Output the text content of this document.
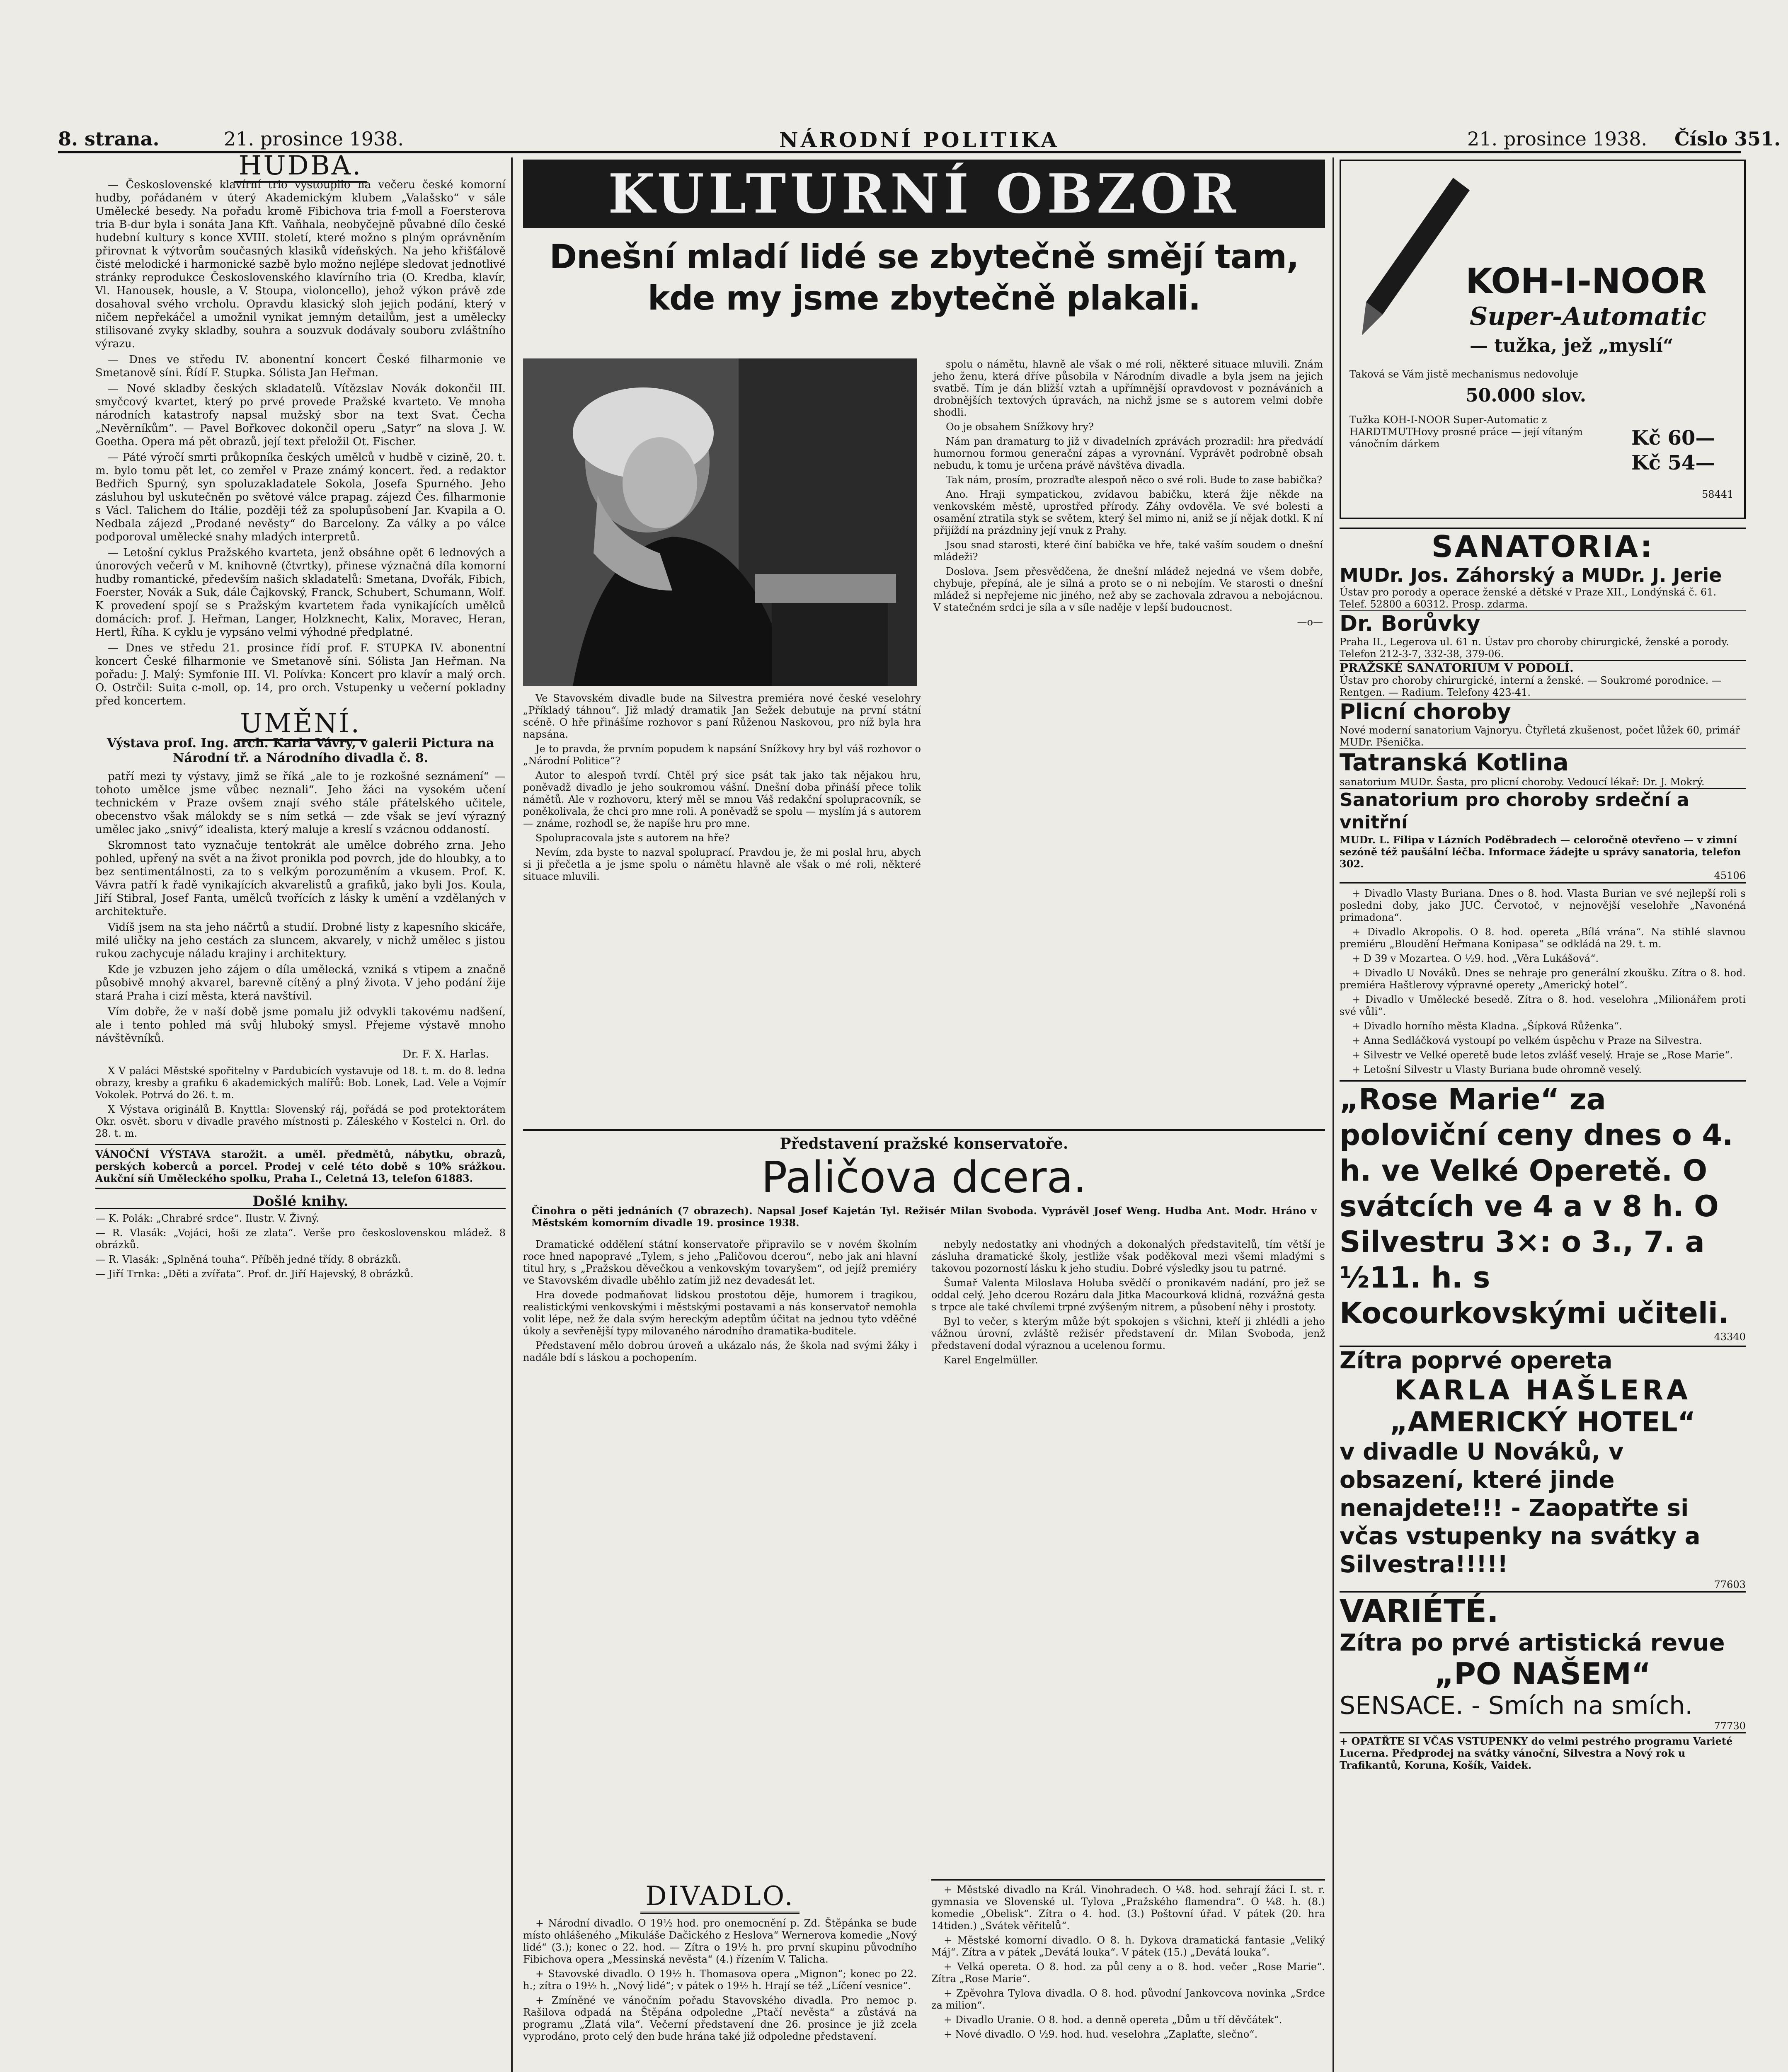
8. strana.	21. prosince 1938.	NÁRODNÍ POLITIKA	21. prosince 1938. Číslo 351.
HUDBA.

— Československé klavírní trio vystoupilo na večeru české komorní hudby, pořádaném v úterý Akademickým klubem „Valašsko“ v sále Umělecké besedy. Na pořadu kromě Fibichova tria f-moll a Foersterova tria B-dur byla i sonáta Jana Kft. Vaňhala, neobyčejně půvabné dílo české hudební kultury s konce XVIII. století, které možno s plným oprávněním přirovnat k výtvorům současných klasiků vídeňských. Na jeho křišťálově čisté melodické i harmonické sazbě bylo možno nejlépe sledovat jednotlivé stránky reprodukce Československého klavírního tria (O. Kredba, klavír, Vl. Hanousek, housle, a V. Stoupa, violoncello), jehož výkon právě zde dosahoval svého vrcholu. Opravdu klasický sloh jejich podání, který v ničem nepřekáčel a umožnil vynikat jemným detailům, jest a umělecky stilisované zvyky skladby, souhra a souzvuk dodávaly souboru zvláštního výrazu.

— Dnes ve středu IV. abonentní koncert České filharmonie ve Smetanově síni. Řídí F. Stupka. Sólista Jan Heřman.

— Nové skladby českých skladatelů. Vítězslav Novák dokončil III. smyčcový kvartet, který po prvé provede Pražské kvarteto. Ve mnoha národních katastrofy napsal mužský sbor na text Svat. Čecha „Nevěrníkům“. — Pavel Bořkovec dokončil operu „Satyr“ na slova J. W. Goetha. Opera má pět obrazů, její text přeložil Ot. Fischer.

— Páté výročí smrti průkopníka českých umělců v hudbě v cizině, 20. t. m. bylo tomu pět let, co zemřel v Praze známý koncert. řed. a redaktor Bedřich Spurný, syn spoluzakladatele Sokola, Josefa Spurného. Jeho zásluhou byl uskutečněn po světové válce prapag. zájezd Čes. filharmonie s Václ. Talichem do Itálie, později též za spolupůsobení Jar. Kvapila a O. Nedbala zájezd „Prodané nevěsty“ do Barcelony. Za války a po válce podporoval umělecké snahy mladých interpretů.

— Letošní cyklus Pražského kvarteta, jenž obsáhne opět 6 lednových a únorových večerů v M. knihovně (čtvrtky), přinese význačná díla komorní hudby romantické, především našich skladatelů: Smetana, Dvořák, Fibich, Foerster, Novák a Suk, dále Čajkovský, Franck, Schubert, Schumann, Wolf. K provedení spojí se s Pražským kvartetem řada vynikajících umělců domácích: prof. J. Heřman, Langer, Holzknecht, Kalix, Moravec, Heran, Hertl, Říha. K cyklu je vypsáno velmi výhodné předplatné.

— Dnes ve středu 21. prosince řídí prof. F. STUPKA IV. abonentní koncert České filharmonie ve Smetanově síni. Sólista Jan Heřman. Na pořadu: J. Malý: Symfonie III. Vl. Polívka: Koncert pro klavír a malý orch. O. Ostrčil: Suita c-moll, op. 14, pro orch. Vstupenky u večerní pokladny před koncertem.

UMĚNÍ.
Výstava prof. Ing. arch. Karla Vávry, v galerii Pictura na Národní tř. a Národního divadla č. 8.

patří mezi ty výstavy, jimž se říká „ale to je rozkošné seznámení“ — tohoto umělce jsme vůbec neznali“. Jeho žáci na vysokém učení technickém v Praze ovšem znají svého stále přátelského učitele, obecenstvo však málokdy se s ním setká — zde však se jeví výrazný umělec jako „snivý“ idealista, který maluje a kreslí s vzácnou oddaností.

Skromnost tato vyznačuje tentokrát ale umělce dobrého zrna. Jeho pohled, upřený na svět a na život pronikla pod povrch, jde do hloubky, a to bez sentimentálnosti, za to s velkým porozuměním a vkusem. Prof. K. Vávra patří k řadě vynikajících akvarelistů a grafiků, jako byli Jos. Koula, Jiří Stibral, Josef Fanta, umělců tvořících z lásky k umění a vzdělaných v architektuře.

Vidíš jsem na sta jeho náčrtů a studií. Drobné listy z kapesního skicáře, milé uličky na jeho cestách za sluncem, akvarely, v nichž umělec s jistou rukou zachycuje náladu krajiny i architektury.

Kde je vzbuzen jeho zájem o díla umělecká, vzniká s vtipem a značně působivě mnohý akvarel, barevně cítěný a plný života. V jeho podání žije stará Praha i cizí města, která navštívil.

Vím dobře, že v naší době jsme pomalu již odvykli takovému nadšení, ale i tento pohled má svůj hluboký smysl. Přejeme výstavě mnoho návštěvníků.

Dr. F. X. Harlas.

X V paláci Městské spořitelny v Pardubicích vystavuje od 18. t. m. do 8. ledna obrazy, kresby a grafiku 6 akademických malířů: Bob. Lonek, Lad. Vele a Vojmír Vokolek. Potrvá do 26. t. m.

X Výstava originálů B. Knyttla: Slovenský ráj, pořádá se pod protektorátem Okr. osvět. sboru v divadle pravého místnosti p. Záleského v Kostelci n. Orl. do 28. t. m.

VÁNOČNÍ VÝSTAVA starožit. a uměl. předmětů, nábytku, obrazů, perských koberců a porcel. Prodej v celé této době s 10% srážkou. Aukční síň Uměleckého spolku, Praha I., Celetná 13, telefon 61883.
Došlé knihy.

— K. Polák: „Chrabré srdce“. Ilustr. V. Živný.

— R. Vlasák: „Vojáci, hoši ze zlata“. Verše pro československou mládež. 8 obrázků.

— R. Vlasák: „Splněná touha“. Příběh jedné třídy. 8 obrázků.

— Jiří Trnka: „Děti a zvířata“. Prof. dr. Jiří Hajevský, 8 obrázků.

KULTURNÍ OBZOR
Dnešní mladí lidé se zbytečně smějí tam, kde my jsme zbytečně plakali.

Ve Stavovském divadle bude na Silvestra premiéra nové české veselohry „Příkladý táhnou“. Již mladý dramatik Jan Sežek debutuje na první státní scéně. O hře přinášíme rozhovor s paní Růženou Naskovou, pro níž byla hra napsána.

Je to pravda, že prvním popudem k napsání Snížkovy hry byl váš rozhovor o „Národní Politice“?

Autor to alespoň tvrdí. Chtěl prý sice psát tak jako tak nějakou hru, poněvadž divadlo je jeho soukromou vášní. Dnešní doba přináší přece tolik námětů. Ale v rozhovoru, který měl se mnou Váš redakční spolupracovník, se poněkolivala, že chci pro mne roli. A poněvadž se spolu — myslím já s autorem — známe, rozhodl se, že napíše hru pro mne.

Spolupracovala jste s autorem na hře?

Nevím, zda byste to nazval spoluprací. Pravdou je, že mi poslal hru, abych si ji přečetla a je jsme spolu o námětu hlavně ale však o mé roli, některé situace mluvili.

spolu o námětu, hlavně ale však o mé roli, některé situace mluvili. Znám jeho ženu, která dříve působila v Národním divadle a byla jsem na jejich svatbě. Tím je dán bližší vztah a upřímnější opravdovost v poznáváních a drobnějších textových úpravách, na nichž jsme se s autorem velmi dobře shodli.

Oo je obsahem Snížkovy hry?

Nám pan dramaturg to již v divadelních zprávách prozradil: hra předvádí humornou formou generační zápas a vyrovnání. Vyprávět podrobně obsah nebudu, k tomu je určena právě návštěva divadla.

Tak nám, prosím, prozraďte alespoň něco o své roli. Bude to zase babička?

Ano. Hraji sympatickou, zvídavou babičku, která žije někde na venkovském městě, uprostřed přírody. Záhy ovdověla. Ve své bolesti a osamění ztratila styk se světem, který šel mimo ni, aniž se jí nějak dotkl. K ní přijíždí na prázdniny její vnuk z Prahy.

Jsou snad starosti, které činí babička ve hře, také vaším soudem o dnešní mládeži?

Doslova. Jsem přesvědčena, že dnešní mládež nejedná ve všem dobře, chybuje, přepíná, ale je silná a proto se o ni nebojím. Ve starosti o dnešní mládež si nepřejeme nic jiného, než aby se zachovala zdravou a nebojácnou. V statečném srdci je síla a v síle naděje v lepší budoucnost.

—o—
Představení pražské konservatoře.
Paličova dcera.
Činohra o pěti jednáních (7 obrazech). Napsal Josef Kajetán Tyl. Režisér Milan Svoboda. Vyprávěl Josef Weng. Hudba Ant. Modr. Hráno v Městském komorním divadle 19. prosince 1938.

Dramatické oddělení státní konservatoře připravilo se v novém školním roce hned napopravé „Tylem, s jeho „Paličovou dcerou“, nebo jak ani hlavní titul hry, s „Pražskou děvečkou a venkovským tovaryšem“, od jejíž premiéry ve Stavovském divadle uběhlo zatím již nez devadesát let.

Hra dovede podmaňovat lidskou prostotou děje, humorem i tragikou, realistickými venkovskými i městskými postavami a nás konservatoř nemohla volit lépe, než že dala svým hereckým adeptům účitat na jednou tyto vděčné úkoly a sevřenější typy milovaného národního dramatika-buditele.

Představení mělo dobrou úroveň a ukázalo nás, že škola nad svými žáky i nadále bdí s láskou a pochopením.

nebyly nedostatky ani vhodných a dokonalých představitelů, tím větší je zásluha dramatické školy, jestliže však poděkoval mezi všemi mladými s takovou pozorností lásku k jeho studiu. Dobré výsledky jsou tu patrné.

Šumař Valenta Miloslava Holuba svědčí o pronikavém nadání, pro jež se oddal celý. Jeho dcerou Rozáru dala Jitka Macourková klidná, rozvážná gesta s trpce ale také chvílemi trpné zvýšeným nitrem, a působení něhy i prostoty.

Byl to večer, s kterým může být spokojen s všichni, kteří ji zhlédli a jeho vážnou úrovní, zvláště režisér představení dr. Milan Svoboda, jenž představení dodal výraznou a ucelenou formu.

Karel Engelmüller.

DIVADLO.

+ Národní divadlo. O 19½ hod. pro onemocnění p. Zd. Štěpánka se bude místo ohlášeného „Mikuláše Dačického z Heslova“ Wernerova komedie „Nový lidé“ (3.); konec o 22. hod. — Zítra o 19½ h. pro první skupinu původního Fibichova opera „Messinská nevěsta“ (4.) řízením V. Talicha.

+ Stavovské divadlo. O 19½ h. Thomasova opera „Mignon“; konec po 22. h.; zítra o 19½ h. „Nový lidé“; v pátek o 19½ h. Hrají se též „Líčení vesnice“.

+ Zmíněné ve vánočním pořadu Stavovského divadla. Pro nemoc p. Rašilova odpadá na Štěpána odpoledne „Ptačí nevěsta“ a zůstává na programu „Zlatá vila“. Večerní představení dne 26. prosince je již zcela vyprodáno, proto celý den bude hrána také již odpoledne představení.

+ Městské divadlo na Král. Vinohradech. O ¼8. hod. sehrají žáci I. st. r. gymnasia ve Slovenské ul. Tylova „Pražského flamendra“. O ¼8. h. (8.) komedie „Obelisk“. Zítra o 4. hod. (3.) Poštovní úřad. V pátek (20. hra 14tiden.) „Svátek věřitelů“.

+ Městské komorní divadlo. O 8. h. Dykova dramatická fantasie „Veliký Máj“. Zítra a v pátek „Devátá louka“. V pátek (15.) „Devátá louka“.

+ Velká opereta. O 8. hod. za půl ceny a o 8. hod. večer „Rose Marie“. Zítra „Rose Marie“.

+ Zpěvohra Tylova divadla. O 8. hod. původní Jankovcova novinka „Srdce za milion“.

+ Divadlo Uranie. O 8. hod. a denně opereta „Dům u tří děvčátek“.

+ Nové divadlo. O ½9. hod. hud. veselohra „Zaplaťte, slečno“.

KOH-I-NOOR
Super-Automatic
— tužka, jež „myslí“
Taková se Vám jistě mechanismus nedovoluje
50.000 slov.
Tužka KOH-I-NOOR Super-Automatic z HARDTMUTHovy prosné práce — její vítaným vánočním dárkem	Kč 60—
Kč 54—
58441
SANATORIA:
MUDr. Jos. Záhorský a MUDr. J. Jerie
Ústav pro porody a operace ženské a dětské v Praze XII., Londýnská č. 61. Telef. 52800 a 60312. Prosp. zdarma.
Dr. Borůvky
Praha II., Legerova ul. 61 n. Ústav pro choroby chirurgické, ženské a porody. Telefon 212-3-7, 332-38, 379-06.
PRAŽSKÉ SANATORIUM V PODOLÍ.
Ústav pro choroby chirurgické, interní a ženské. — Soukromé porodnice. — Rentgen. — Radium. Telefony 423-41.
Plicní choroby
Nové moderní sanatorium Vajnoryu. Čtyřletá zkušenost, počet lůžek 60, primář MUDr. Pšenička.
Tatranská Kotlina
sanatorium MUDr. Šasta, pro plicní choroby. Vedoucí lékař: Dr. J. Mokrý.
Sanatorium pro choroby srdeční a vnitřní
MUDr. L. Filipa v Lázních Poděbradech — celoročně otevřeno — v zimní sezóně též paušální léčba. Informace žádejte u správy sanatoria, telefon 302.
45106

+ Divadlo Vlasty Buriana. Dnes o 8. hod. Vlasta Burian ve své nejlepší roli s posledni doby, jako JUC. Červotoč, v nejnovější veselohře „Navonéná primadona“.

+ Divadlo Akropolis. O 8. hod. opereta „Bílá vrána“. Na stihlé slavnou premiéru „Bloudění Heřmana Konipasa“ se odkládá na 29. t. m.

+ D 39 v Mozartea. O ½9. hod. „Věra Lukášová“.

+ Divadlo U Nováků. Dnes se nehraje pro generální zkoušku. Zítra o 8. hod. premiéra Haštlerovy výpravné operety „Americký hotel“.

+ Divadlo v Umělecké besedě. Zítra o 8. hod. veselohra „Milionářem proti své vůli“.

+ Divadlo horního města Kladna. „Šípková Růženka“.

+ Anna Sedláčková vystoupí po velkém úspěchu v Praze na Silvestra.

+ Silvestr ve Velké operetě bude letos zvlášť veselý. Hraje se „Rose Marie“.

+ Letošní Silvestr u Vlasty Buriana bude ohromně veselý.

„Rose Marie“ za poloviční ceny dnes o 4. h. ve Velké Operetě. O svátcích ve 4 a v 8 h. O Silvestru 3×: o 3., 7. a ½11. h. s Kocourkovskými učiteli.
43340
Zítra poprvé opereta
KARLA HAŠLERA
„AMERICKÝ HOTEL“
v divadle U Nováků, v obsazení, které jinde nenajdete!!! - Zaopatřte si včas vstupenky na svátky a Silvestra!!!!!
77603
VARIÉTÉ.
Zítra po prvé artistická revue
„PO NAŠEM“
SENSACE. - Smích na smích.
77730
+ OPATŘTE SI VČAS VSTUPENKY do velmi pestrého programu Varieté Lucerna. Předprodej na svátky vánoční, Silvestra a Nový rok u Trafikantů, Koruna, Košík, Vaidek.
